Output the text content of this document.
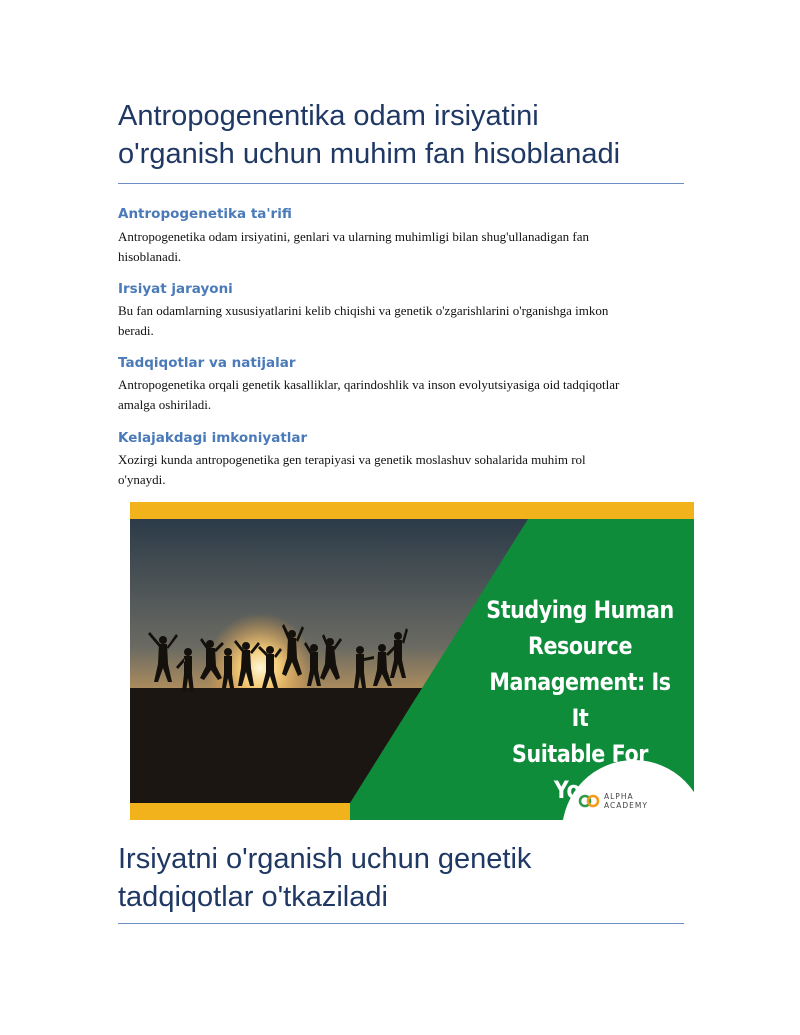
Antropogenentika odam irsiyatini
o'rganish uchun muhim fan hisoblanadi
Antropogenetika ta'rifi

Antropogenetika odam irsiyatini, genlari va ularning muhimligi bilan shug'ullanadigan fan
hisoblanadi.

Irsiyat jarayoni

Bu fan odamlarning xususiyatlarini kelib chiqishi va genetik o'zgarishlarini o'rganishga imkon
beradi.

Tadqiqotlar va natijalar

Antropogenetika orqali genetik kasalliklar, qarindoshlik va inson evolyutsiyasiga oid tadqiqotlar
amalga oshiriladi.

Kelajakdagi imkoniyatlar

Xozirgi kunda antropogenetika gen terapiyasi va genetik moslashuv sohalarida muhim rol
o'ynaydi.

Studying Human
Resource
Management: Is It
Suitable For You?
ALPHA
ACADEMY
Irsiyatni o'rganish uchun genetik
tadqiqotlar o'tkaziladi
